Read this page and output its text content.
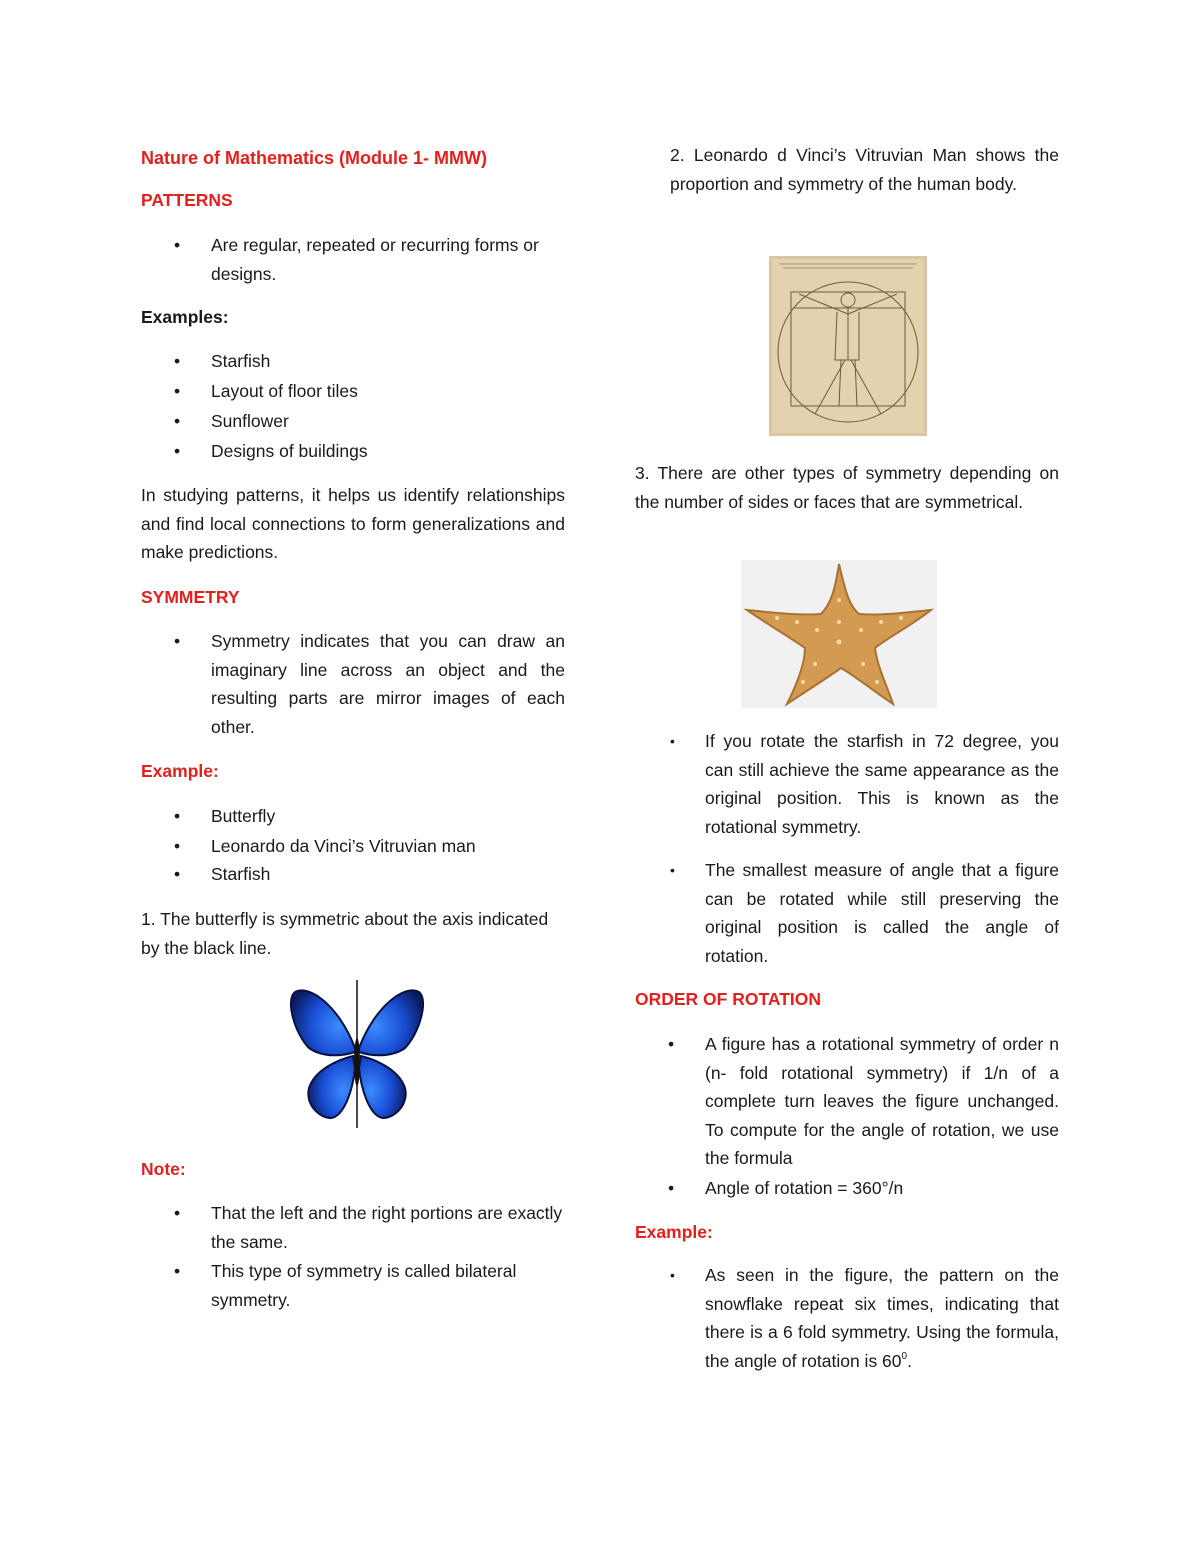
Nature of Mathematics (Module 1- MMW)

PATTERNS

• Are regular, repeated or recurring forms or designs.

Examples:

• Starfish
• Layout of floor tiles
• Sunflower
• Designs of buildings

In studying patterns, it helps us identify relationships and find local connections to form generalizations and make predictions.

SYMMETRY

• Symmetry indicates that you can draw an imaginary line across an object and the resulting parts are mirror images of each other.

Example:

• Butterfly
• Leonardo da Vinci’s Vitruvian man
• Starfish

1. The butterfly is symmetric about the axis indicated by the black line.

Note:

• That the left and the right portions are exactly the same.
• This type of symmetry is called bilateral symmetry.

2. Leonardo d Vinci’s Vitruvian Man shows the proportion and symmetry of the human body.

3. There are other types of symmetry depending on the number of sides or faces that are symmetrical.

• If you rotate the starfish in 72 degree, you can still achieve the same appearance as the original position. This is known as the rotational symmetry.
• The smallest measure of angle that a figure can be rotated while still preserving the original position is called the angle of rotation.

ORDER OF ROTATION

• A figure has a rotational symmetry of order n (n- fold rotational symmetry) if 1/n of a complete turn leaves the figure unchanged. To compute for the angle of rotation, we use the formula
• Angle of rotation = 360°/n

Example:

• As seen in the figure, the pattern on the snowflake repeat six times, indicating that there is a 6 fold symmetry. Using the formula, the angle of rotation is $60^0$.
